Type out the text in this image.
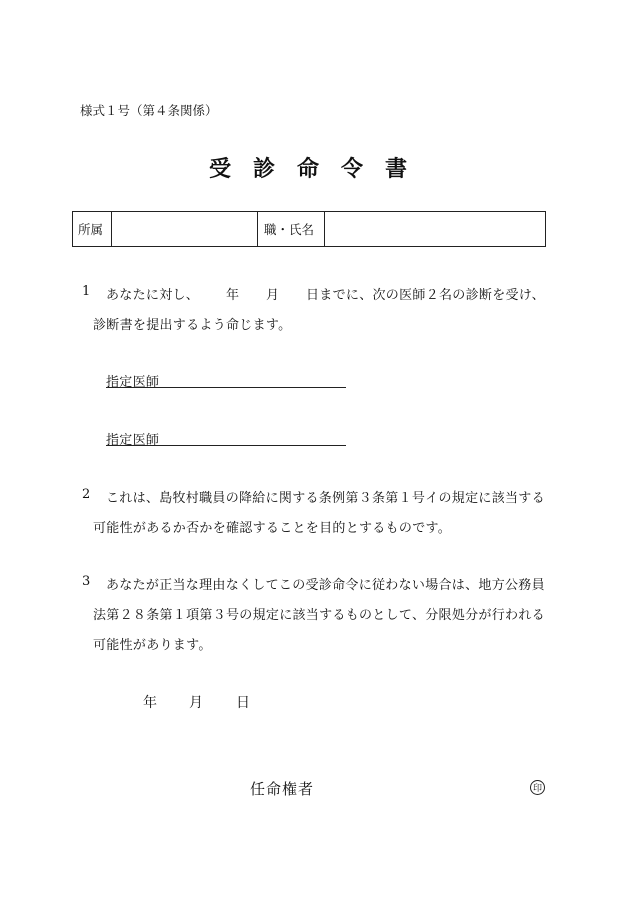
様式１号（第４条関係）
受診命令書
所属	職・氏名
1 あなたに対し、 年 月 日までに、次の医師２名の診断を受け、
診断書を提出するよう命じます。
指定医師
指定医師
2 これは、島牧村職員の降給に関する条例第３条第１号イの規定に該当する
可能性があるか否かを確認することを目的とするものです。
3 あなたが正当な理由なくしてこの受診命令に従わない場合は、地方公務員
法第２８条第１項第３号の規定に該当するものとして、分限処分が行われる
可能性があります。
年 月 日
任命権者	印
